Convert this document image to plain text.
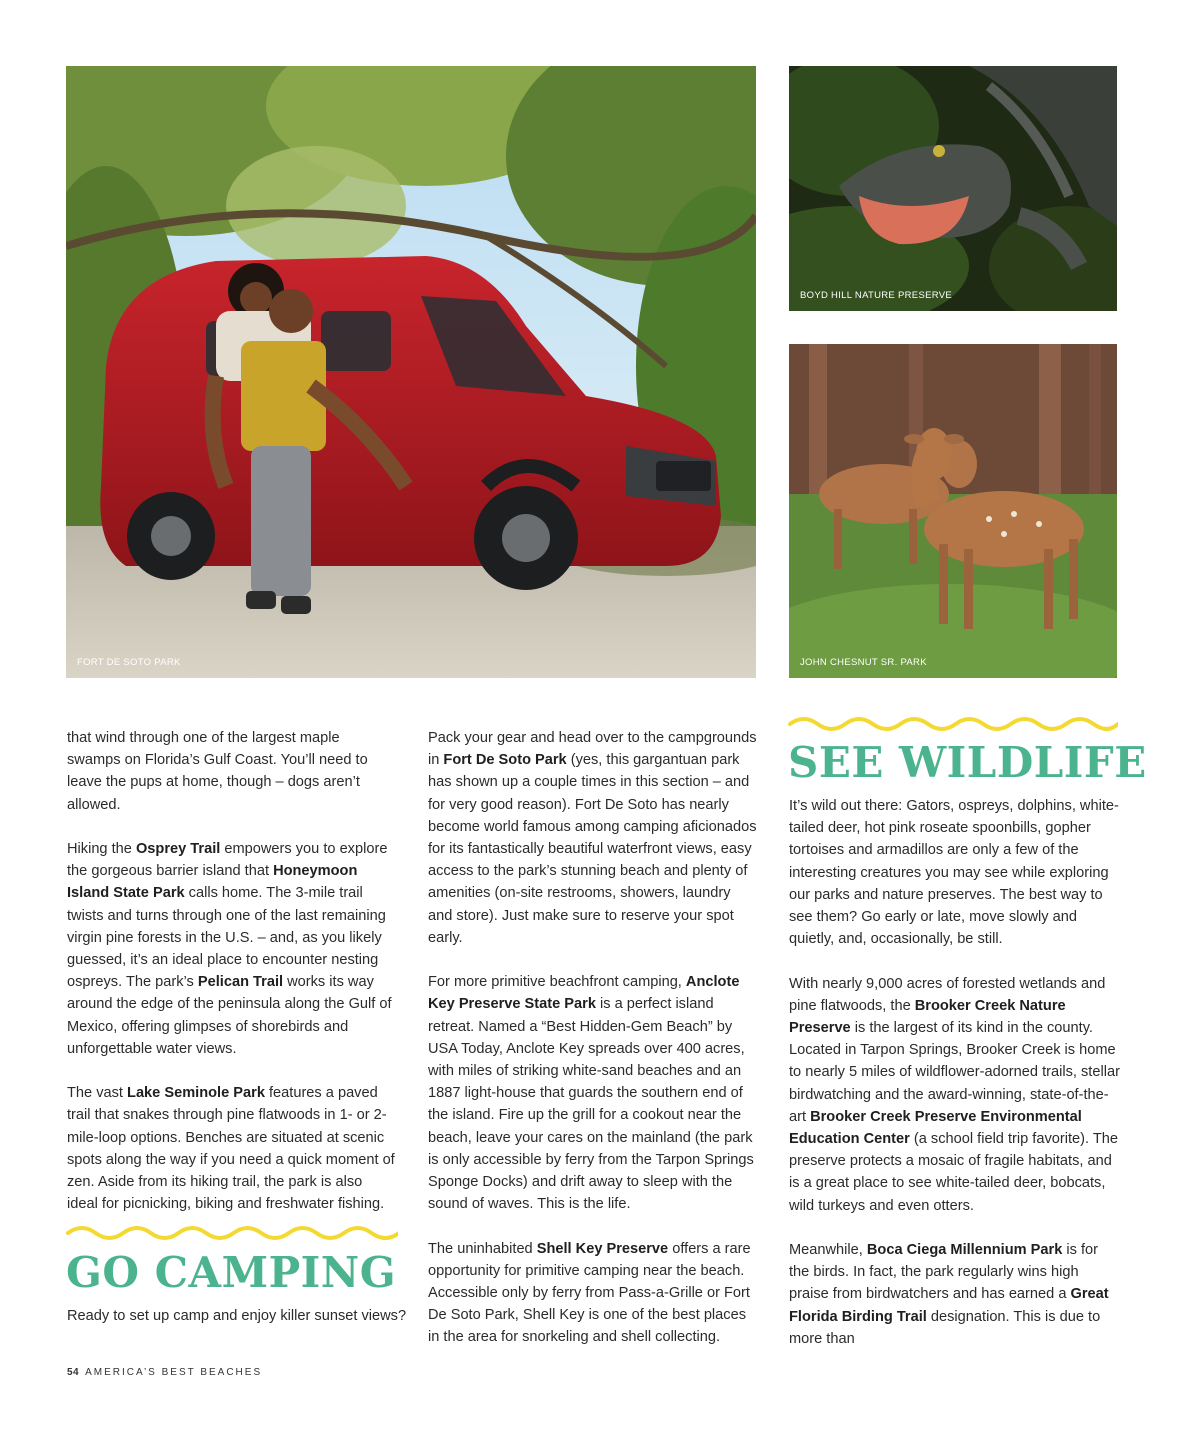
FORT DE SOTO PARK
BOYD HILL NATURE PRESERVE
JOHN CHESNUT SR. PARK

that wind through one of the largest maple swamps on Florida’s Gulf Coast. You’ll need to leave the pups at home, though – dogs aren’t allowed.

Hiking the Osprey Trail empowers you to explore the gorgeous barrier island that Honeymoon Island State Park calls home. The 3-mile trail twists and turns through one of the last remaining virgin pine forests in the U.S. – and, as you likely guessed, it’s an ideal place to encounter nesting ospreys. The park’s Pelican Trail works its way around the edge of the peninsula along the Gulf of Mexico, offering glimpses of shorebirds and unforgettable water views.

The vast Lake Seminole Park features a paved trail that snakes through pine flatwoods in 1- or 2-mile-loop options. Benches are situated at scenic spots along the way if you need a quick moment of zen. Aside from its hiking trail, the park is also ideal for picnicking, biking and freshwater fishing.

GO CAMPING

Ready to set up camp and enjoy killer sunset views?

Pack your gear and head over to the campgrounds in Fort De Soto Park (yes, this gargantuan park has shown up a couple times in this section – and for very good reason). Fort De Soto has nearly become world famous among camping aficionados for its fantastically beautiful waterfront views, easy access to the park’s stunning beach and plenty of amenities (on-site restrooms, showers, laundry and store). Just make sure to reserve your spot early.

For more primitive beachfront camping, Anclote Key Preserve State Park is a perfect island retreat. Named a “Best Hidden-Gem Beach” by USA Today, Anclote Key spreads over 400 acres, with miles of striking white-sand beaches and an 1887 light-house that guards the southern end of the island. Fire up the grill for a cookout near the beach, leave your cares on the mainland (the park is only accessible by ferry from the Tarpon Springs Sponge Docks) and drift away to sleep with the sound of waves. This is the life.

The uninhabited Shell Key Preserve offers a rare opportunity for primitive camping near the beach. Accessible only by ferry from Pass-a-Grille or Fort De Soto Park, Shell Key is one of the best places in the area for snorkeling and shell collecting.

SEE WILDLIFE

It’s wild out there: Gators, ospreys, dolphins, white-tailed deer, hot pink roseate spoonbills, gopher tortoises and armadillos are only a few of the interesting creatures you may see while exploring our parks and nature preserves. The best way to see them? Go early or late, move slowly and quietly, and, occasionally, be still.

With nearly 9,000 acres of forested wetlands and pine flatwoods, the Brooker Creek Nature Preserve is the largest of its kind in the county. Located in Tarpon Springs, Brooker Creek is home to nearly 5 miles of wildflower-adorned trails, stellar birdwatching and the award-winning, state-of-the-art Brooker Creek Preserve Environmental Education Center (a school field trip favorite). The preserve protects a mosaic of fragile habitats, and is a great place to see white-tailed deer, bobcats, wild turkeys and even otters.

Meanwhile, Boca Ciega Millennium Park is for the birds. In fact, the park regularly wins high praise from birdwatchers and has earned a Great Florida Birding Trail designation. This is due to more than

54 AMERICA’S BEST BEACHES
